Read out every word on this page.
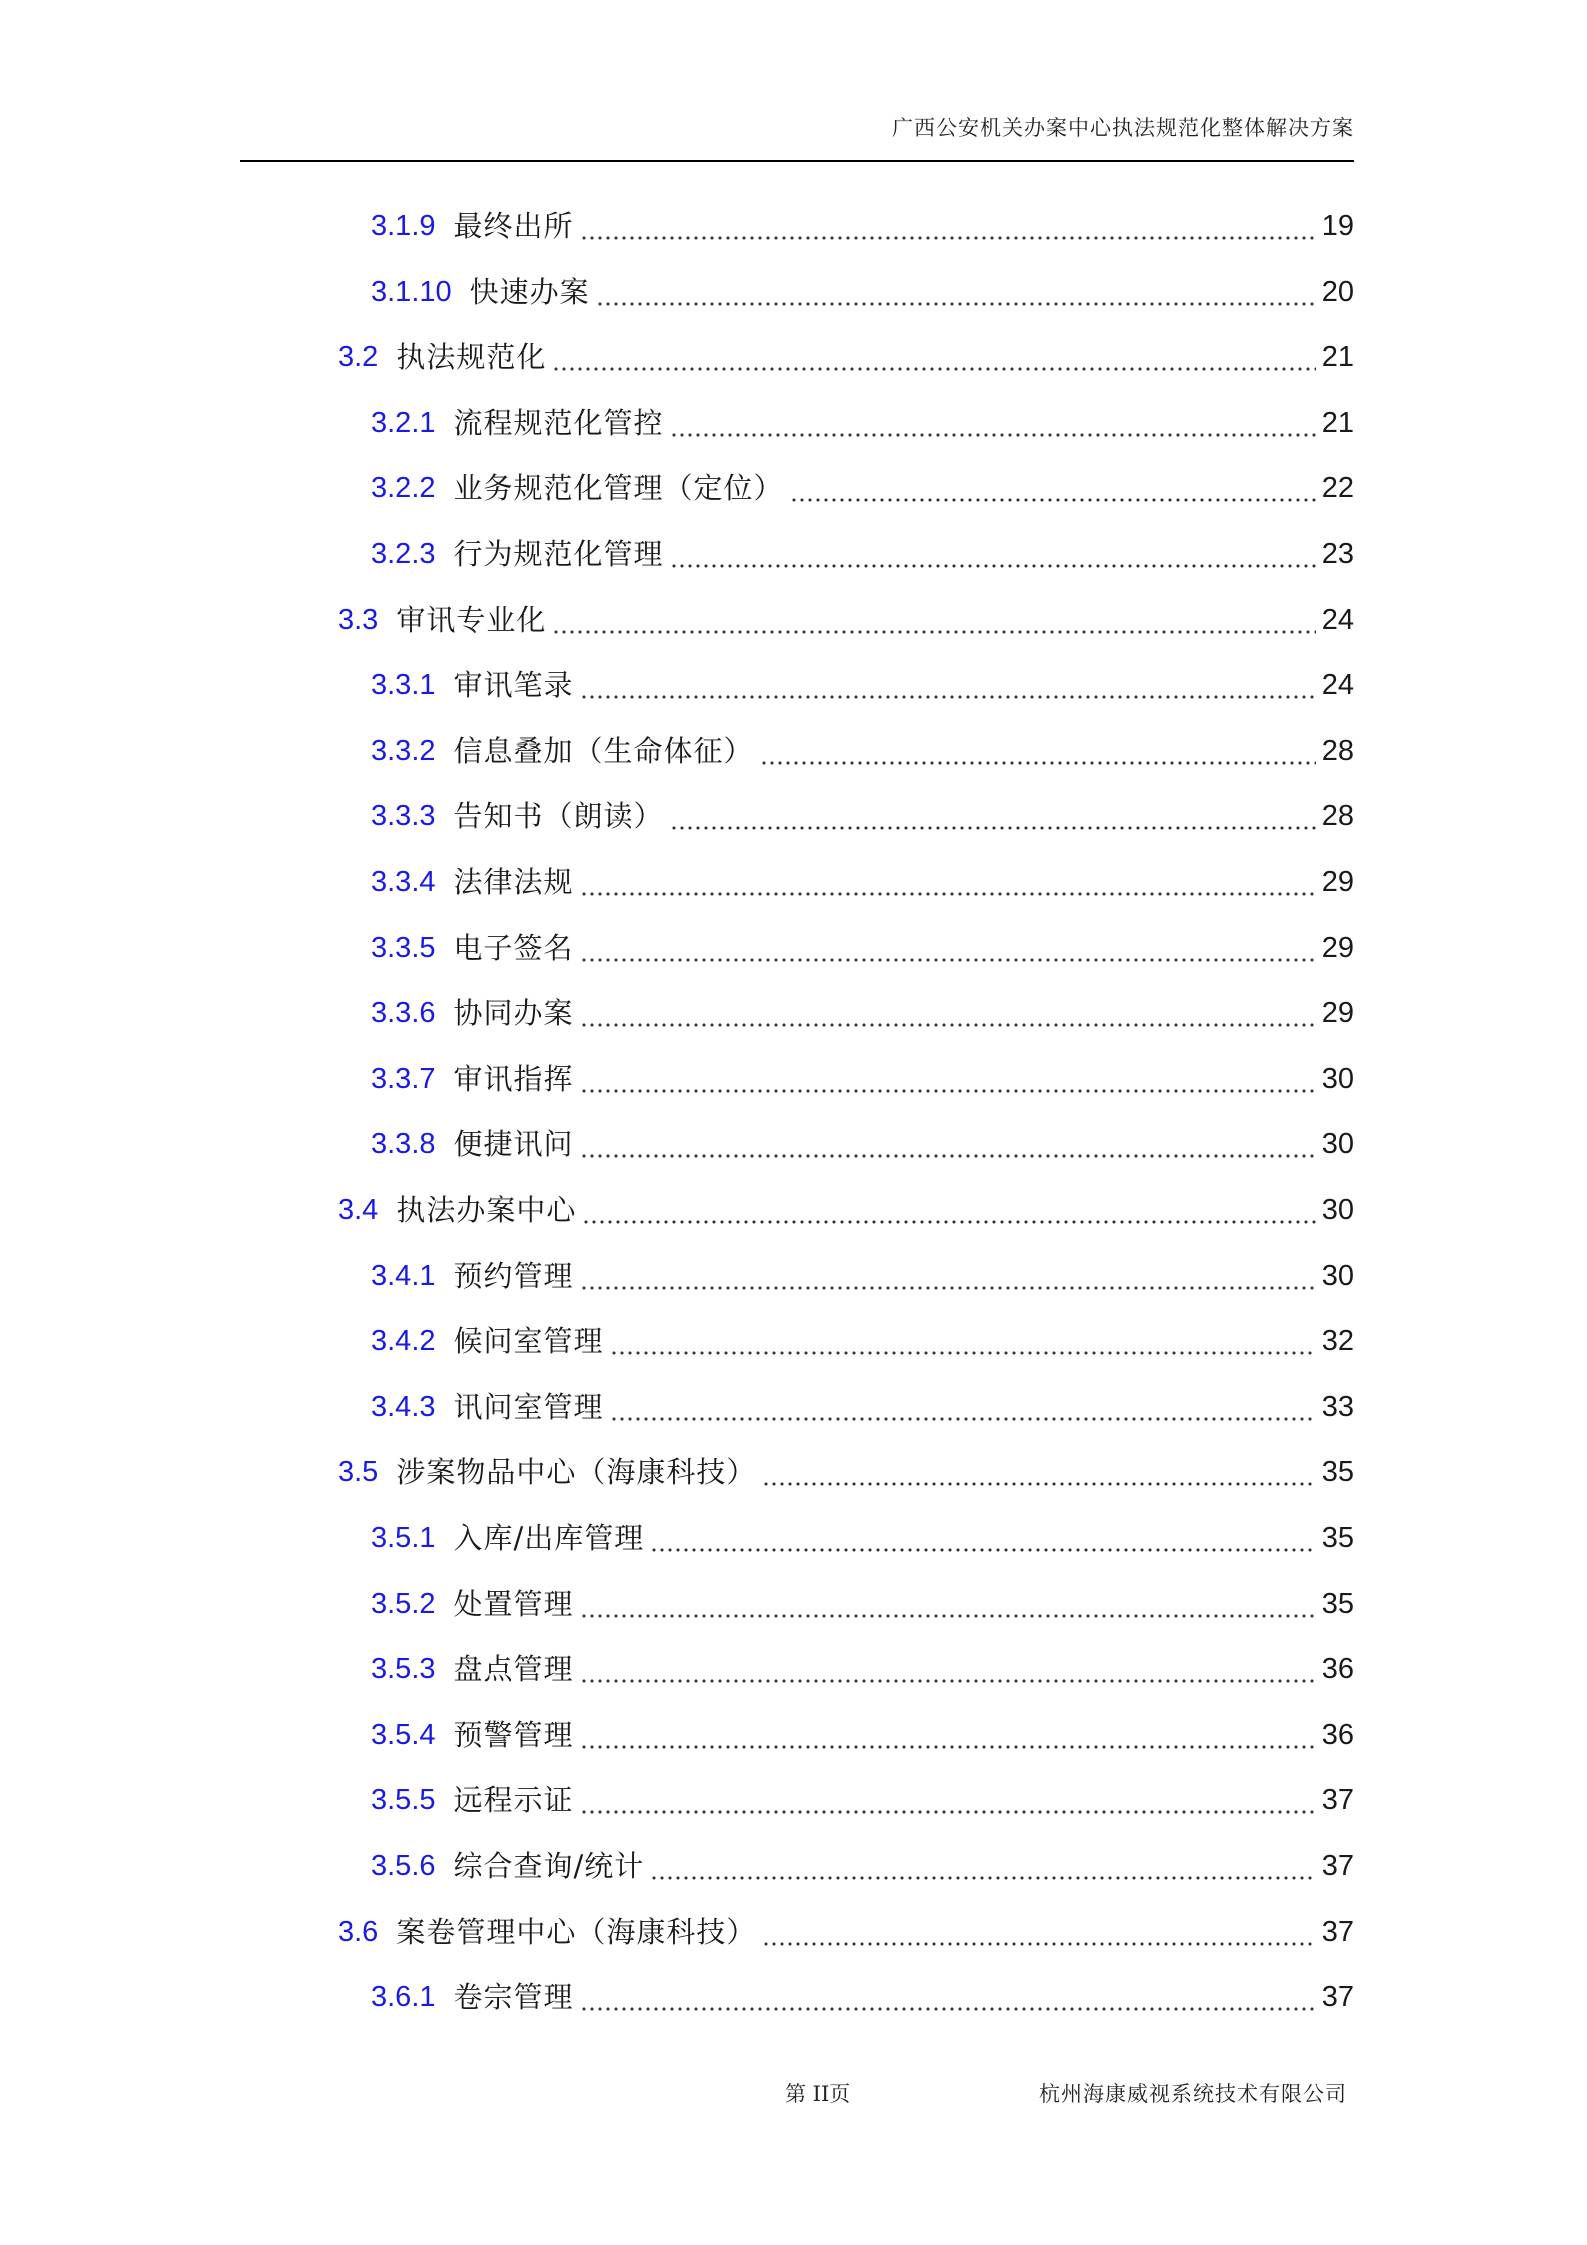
广西公安机关办案中心执法规范化整体解决方案
3.1.9 最终出所	19
3.1.10 快速办案	20
3.2 执法规范化	21
3.2.1 流程规范化管控	21
3.2.2 业务规范化管理（定位）	22
3.2.3 行为规范化管理	23
3.3 审讯专业化	24
3.3.1 审讯笔录	24
3.3.2 信息叠加（生命体征）	28
3.3.3 告知书（朗读）	28
3.3.4 法律法规	29
3.3.5 电子签名	29
3.3.6 协同办案	29
3.3.7 审讯指挥	30
3.3.8 便捷讯问	30
3.4 执法办案中心	30
3.4.1 预约管理	30
3.4.2 候问室管理	32
3.4.3 讯问室管理	33
3.5 涉案物品中心（海康科技）	35
3.5.1 入库/出库管理	35
3.5.2 处置管理	35
3.5.3 盘点管理	36
3.5.4 预警管理	36
3.5.5 远程示证	37
3.5.6 综合查询/统计	37
3.6 案卷管理中心（海康科技）	37
3.6.1 卷宗管理	37
第 II页	杭州海康威视系统技术有限公司
